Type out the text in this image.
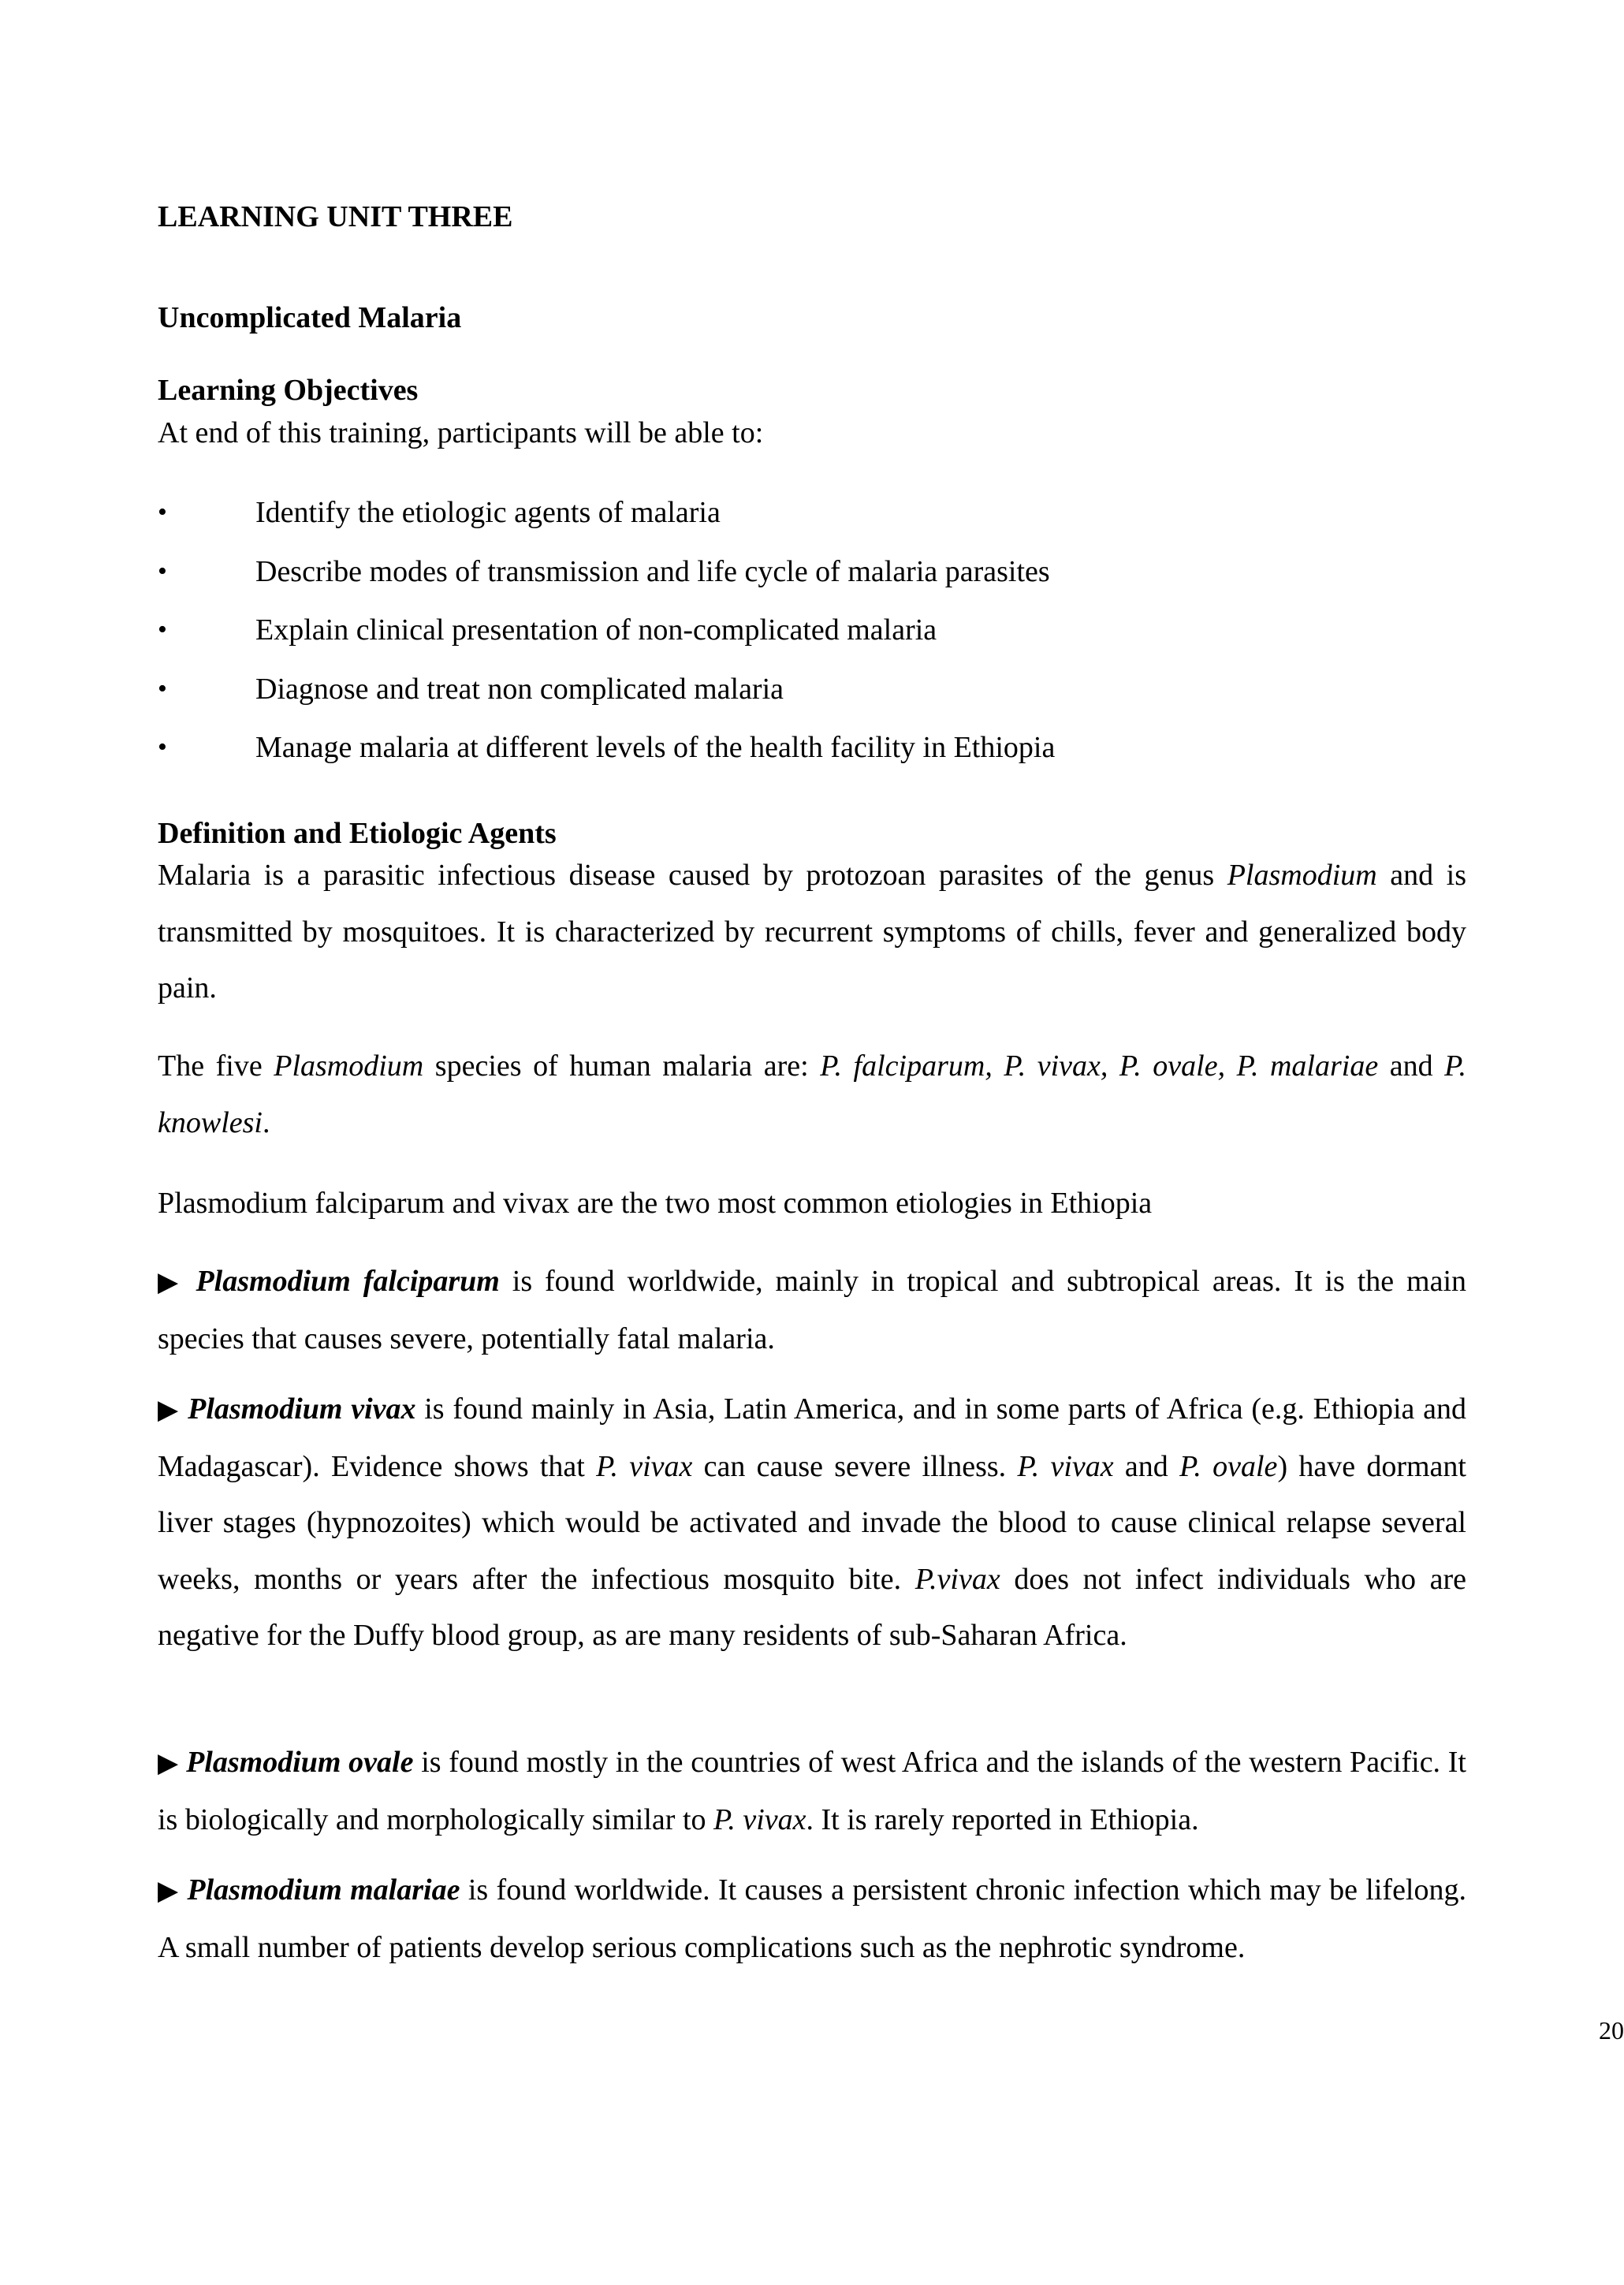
LEARNING UNIT THREE
Uncomplicated Malaria
Learning Objectives

At end of this training, participants will be able to:

•	Identify the etiologic agents of malaria
•	Describe modes of transmission and life cycle of malaria parasites
•	Explain clinical presentation of non-complicated malaria
•	Diagnose and treat non complicated malaria
•	Manage malaria at different levels of the health facility in Ethiopia
Definition and Etiologic Agents

Malaria is a parasitic infectious disease caused by protozoan parasites of the genus Plasmodium and is transmitted by mosquitoes. It is characterized by recurrent symptoms of chills, fever and generalized body pain.

The five Plasmodium species of human malaria are: P. falciparum, P. vivax, P. ovale, P. malariae and P. knowlesi.

Plasmodium falciparum and vivax are the two most common etiologies in Ethiopia

▶ Plasmodium falciparum is found worldwide, mainly in tropical and subtropical areas. It is the main species that causes severe, potentially fatal malaria.

▶ Plasmodium vivax is found mainly in Asia, Latin America, and in some parts of Africa (e.g. Ethiopia and Madagascar). Evidence shows that P. vivax can cause severe illness. P. vivax and P. ovale) have dormant liver stages (hypnozoites) which would be activated and invade the blood to cause clinical relapse several weeks, months or years after the infectious mosquito bite. P.vivax does not infect individuals who are negative for the Duffy blood group, as are many residents of sub-Saharan Africa.

▶ Plasmodium ovale is found mostly in the countries of west Africa and the islands of the western Pacific. It is biologically and morphologically similar to P. vivax. It is rarely reported in Ethiopia.

▶ Plasmodium malariae is found worldwide. It causes a persistent chronic infection which may be lifelong. A small number of patients develop serious complications such as the nephrotic syndrome.

20
